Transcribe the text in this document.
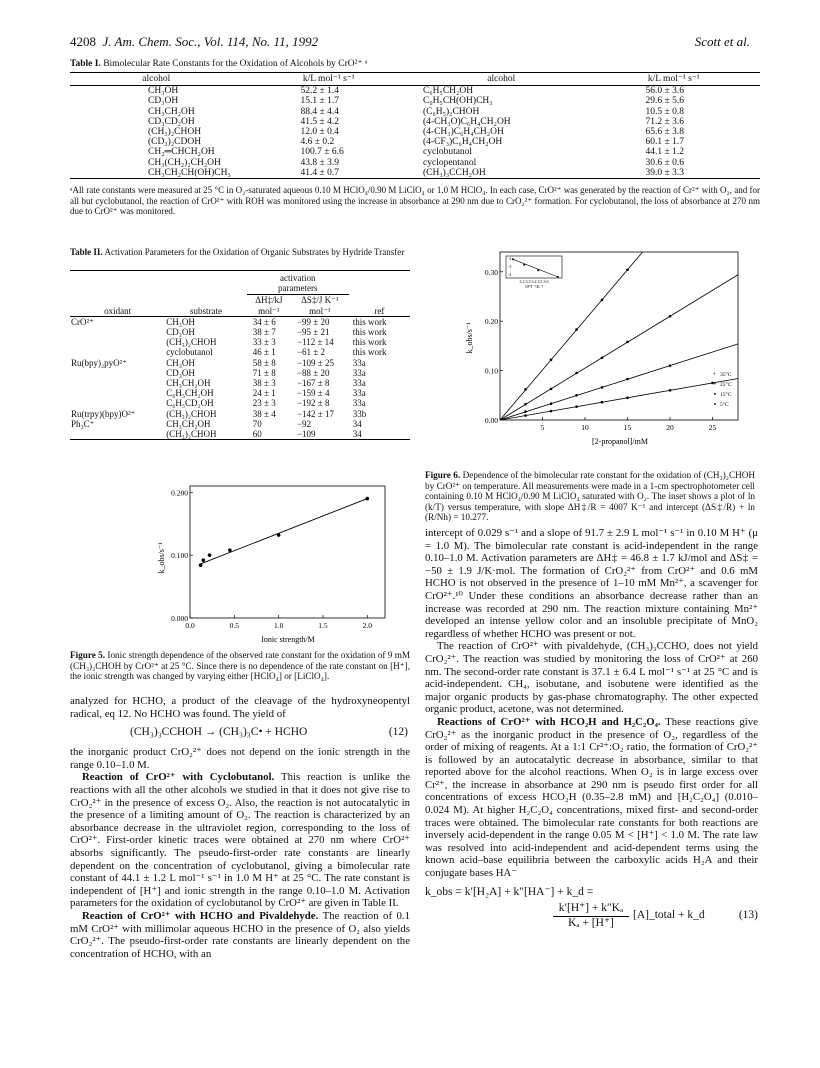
4208 J. Am. Chem. Soc., Vol. 114, No. 11, 1992	Scott et al.
Table I. Bimolecular Rate Constants for the Oxidation of Alcohols by CrO²⁺ ᵃ
alcohol	k/L mol⁻¹ s⁻¹	alcohol	k/L mol⁻¹ s⁻¹
CH₃OH	52.2 ± 1.4	C₆H₅CH₂OH	56.0 ± 3.6
CD₃OH	15.1 ± 1.7	C₆H₅CH(OH)CH₃	29.6 ± 5.6
CH₃CH₂OH	88.4 ± 4.4	(C₆H₅)₂CHOH	10.5 ± 0.8
CD₃CD₂OH	41.5 ± 4.2	(4-CH₃O)C₆H₄CH₂OH	71.2 ± 3.6
(CH₃)₂CHOH	12.0 ± 0.4	(4-CH₃)C₆H₄CH₂OH	65.6 ± 3.8
(CD₃)₂CDOH	4.6 ± 0.2	(4-CF₃)C₆H₄CH₂OH	60.1 ± 1.7
CH₂═CHCH₂OH	100.7 ± 6.6	cyclobutanol	44.1 ± 1.2
CH₃(CH₂)₂CH₂OH	43.8 ± 3.9	cyclopentanol	30.6 ± 0.6
CH₃CH₂CH(OH)CH₃	41.4 ± 0.7	(CH₃)₃CCH₂OH	39.0 ± 3.3
ᵃAll rate constants were measured at 25 °C in O₂-saturated aqueous 0.10 M HClO₄/0.90 M LiClO₄ or 1.0 M HClO₄. In each case, CrO²⁺ was generated by the reaction of Cr²⁺ with O₂, and for all but cyclobutanol, the reaction of CrO²⁺ with ROH was monitored using the increase in absorbance at 290 nm due to CrO₂²⁺ formation. For cyclobutanol, the loss of absorbance at 270 nm due to CrO²⁺ was monitored.
Table II. Activation Parameters for the Oxidation of Organic Substrates by Hydride Transfer
		activation parameters		
oxidant	substrate	ΔH‡/kJ mol⁻¹	ΔS‡/J K⁻¹ mol⁻¹	ref
CrO²⁺	CH₃OH	34 ± 6	−99 ± 20	this work
	CD₃OH	38 ± 7	−95 ± 21	this work
	(CH₃)₂CHOH	33 ± 3	−112 ± 14	this work
	cyclobutanol	46 ± 1	−61 ± 2	this work
Ru(bpy)₂pyO²⁺	CH₃OH	58 ± 8	−109 ± 25	33a
	CD₃OH	71 ± 8	−88 ± 20	33a
	CH₃CH₂OH	38 ± 3	−167 ± 8	33a
	C₆H₅CH₂OH	24 ± 1	−159 ± 4	33a
	C₆H₅CD₂OH	23 ± 3	−192 ± 8	33a
Ru(trpy)(bpy)O²⁺	(CH₃)₂CHOH	38 ± 4	−142 ± 17	33b
Ph₃C⁺	CH₃CH₂OH	70	−92	34
	(CH₃)₂CHOH	60	−109	34
0.0	0.5	1.0	1.5	2.0
0.000
0.100
0.200
Ionic strength/M
k_obs/s⁻¹
Figure 5. Ionic strength dependence of the observed rate constant for the oxidation of 9 mM (CH₃)₂CHOH by CrO²⁺ at 25 °C. Since there is no dependence of the rate constant on [H⁺], the ionic strength was changed by varying either [HClO₄] or [LiClO₄].

analyzed for HCHO, a product of the cleavage of the hydroxyneopentyl radical, eq 12. No HCHO was found. The yield of

(CH₃)₃CCHOH → (CH₃)₃C• + HCHO	(12)

the inorganic product CrO₂²⁺ does not depend on the ionic strength in the range 0.10–1.0 M.

Reaction of CrO²⁺ with Cyclobutanol. This reaction is unlike the reactions with all the other alcohols we studied in that it does not give rise to CrO₂²⁺ in the presence of excess O₂. Also, the reaction is not autocatalytic in the presence of a limiting amount of O₂. The reaction is characterized by an absorbance decrease in the ultraviolet region, corresponding to the loss of CrO²⁺. First-order kinetic traces were obtained at 270 nm where CrO²⁺ absorbs significantly. The pseudo-first-order rate constants are linearly dependent on the concentration of cyclobutanol, giving a bimolecular rate constant of 44.1 ± 1.2 L mol⁻¹ s⁻¹ in 1.0 M H⁺ at 25 °C. The rate constant is independent of [H⁺] and ionic strength in the range 0.10–1.0 M. Activation parameters for the oxidation of cyclobutanol by CrO²⁺ are given in Table II.

Reaction of CrO²⁺ with HCHO and Pivaldehyde. The reaction of 0.1 mM CrO²⁺ with millimolar aqueous HCHO in the presence of O₂ also yields CrO₂²⁺. The pseudo-first-order rate constants are linearly dependent on the concentration of HCHO, with an

5	10	15	20	25
0.10
0.20
0.30
0.00
+ 35°C
• 25°C
▪ 15°C
▪ 5°C
-2
-3
-4
3.2 3.3 3.4 3.5 3.6
10³T⁻¹/K⁻¹
[2-propanol]/mM
k_obs/s⁻¹
Figure 6. Dependence of the bimolecular rate constant for the oxidation of (CH₃)₂CHOH by CrO²⁺ on temperature. All measurements were made in a 1-cm spectrophotometer cell containing 0.10 M HClO₄/0.90 M LiClO₄ saturated with O₂. The inset shows a plot of ln (k/T) versus temperature, with slope ΔH‡/R = 4007 K⁻¹ and intercept (ΔS‡/R) + ln (R/Nh) = 10.277.

intercept of 0.029 s⁻¹ and a slope of 91.7 ± 2.9 L mol⁻¹ s⁻¹ in 0.10 M H⁺ (μ = 1.0 M). The bimolecular rate constant is acid-independent in the range 0.10–1.0 M. Activation parameters are ΔH‡ = 46.8 ± 1.7 kJ/mol and ΔS‡ = −50 ± 1.9 J/K·mol. The formation of CrO₂²⁺ from CrO²⁺ and 0.6 mM HCHO is not observed in the presence of 1–10 mM Mn²⁺, a scavenger for CrO²⁺.¹⁰ Under these conditions an absorbance decrease rather than an increase was recorded at 290 nm. The reaction mixture containing Mn²⁺ developed an intense yellow color and an insoluble precipitate of MnO₂ regardless of whether HCHO was present or not.

The reaction of CrO²⁺ with pivaldehyde, (CH₃)₃CCHO, does not yield CrO₂²⁺. The reaction was studied by monitoring the loss of CrO²⁺ at 260 nm. The second-order rate constant is 37.1 ± 6.4 L mol⁻¹ s⁻¹ at 25 °C and is acid-independent. CH₄, isobutane, and isobutene were identified as the major organic products by gas-phase chromatography. The other expected organic product, acetone, was not determined.

Reactions of CrO²⁺ with HCO₂H and H₂C₂O₄. These reactions give CrO₂²⁺ as the inorganic product in the presence of O₂, regardless of the order of mixing of reagents. At a 1:1 Cr²⁺:O₂ ratio, the formation of CrO₂²⁺ is followed by an autocatalytic decrease in absorbance, similar to that reported above for the alcohol reactions. When O₂ is in large excess over Cr²⁺, the increase in absorbance at 290 nm is pseudo first order for all concentrations of excess HCO₂H (0.35–2.8 mM) and [H₂C₂O₄] (0.010–0.024 M). At higher H₂C₂O₄ concentrations, mixed first- and second-order traces were obtained. The bimolecular rate constants for both reactions are inversely acid-dependent in the range 0.05 M < [H⁺] < 1.0 M. The rate law was resolved into acid-independent and acid-dependent terms using the known acid–base equilibria between the carboxylic acids H₂A and their conjugate bases HA⁻

k_obs = k′[H₂A] + k″[HA⁻] + k_d =
k′[H⁺] + k″Kₐ
Kₐ + [H⁺]
[A]_total + k_d	(13)
